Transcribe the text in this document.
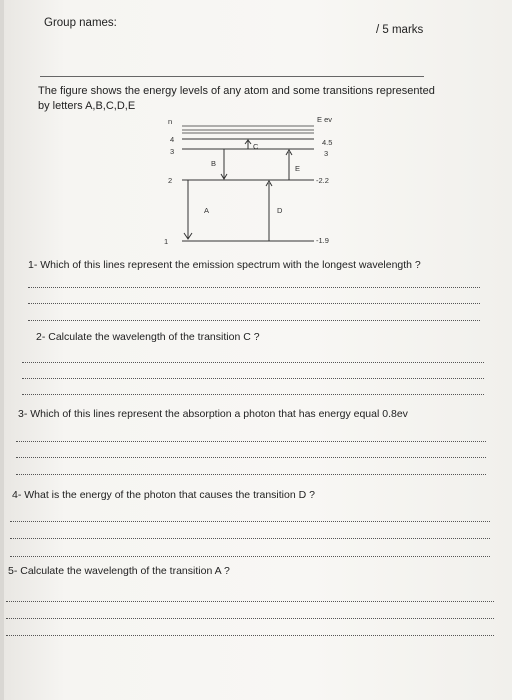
Group names:
/ 5 marks
The figure shows the energy levels of any atom and some transitions represented by letters A,B,C,D,E
n	E ev
4	4.5
3	3
2	-2.2
1	-1.9
A
B
C
D
E
1- Which of this lines represent the emission spectrum with the longest wavelength ?
2- Calculate the wavelength of the transition C ?
3- Which of this lines represent the absorption a photon that has energy equal 0.8ev
4- What is the energy of the photon that causes the transition D ?
5- Calculate the wavelength of the transition A ?
